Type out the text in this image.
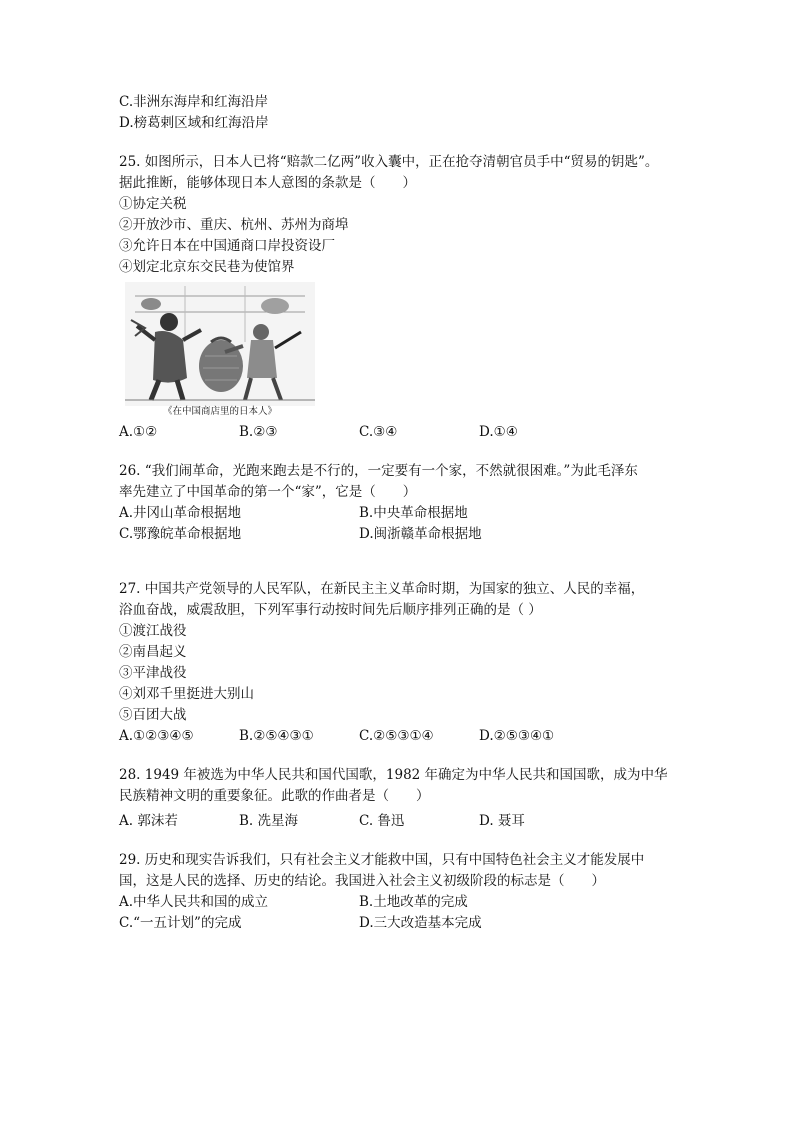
C.非洲东海岸和红海沿岸
D.榜葛剌区域和红海沿岸
25. 如图所示，日本人已将“赔款二亿两”收入囊中，正在抢夺清朝官员手中“贸易的钥匙”。
据此推断，能够体现日本人意图的条款是（　　）
①协定关税
②开放沙市、重庆、杭州、苏州为商埠
③允许日本在中国通商口岸投资设厂
④划定北京东交民巷为使馆界
《在中国商店里的日本人》
A.①②	B.②③	C.③④	D.①④
26. “我们闹革命，光跑来跑去是不行的，一定要有一个家，不然就很困难。”为此毛泽东
率先建立了中国革命的第一个“家”，它是（　　）
A.井冈山革命根据地	B.中央革命根据地
C.鄂豫皖革命根据地	D.闽浙赣革命根据地
27. 中国共产党领导的人民军队，在新民主主义革命时期，为国家的独立、人民的幸福，
浴血奋战，威震敌胆，下列军事行动按时间先后顺序排列正确的是（ ）
①渡江战役
②南昌起义
③平津战役
④刘邓千里挺进大别山
⑤百团大战
A.①②③④⑤	B.②⑤④③①	C.②⑤③①④	D.②⑤③④①
28. 1949 年被选为中华人民共和国代国歌，1982 年确定为中华人民共和国国歌，成为中华
民族精神文明的重要象征。此歌的作曲者是（　　）
A. 郭沫若	B. 冼星海	C. 鲁迅	D. 聂耳
29. 历史和现实告诉我们，只有社会主义才能救中国，只有中国特色社会主义才能发展中
国，这是人民的选择、历史的结论。我国进入社会主义初级阶段的标志是（　　）
A.中华人民共和国的成立	B.土地改革的完成
C.“一五计划”的完成	D.三大改造基本完成
